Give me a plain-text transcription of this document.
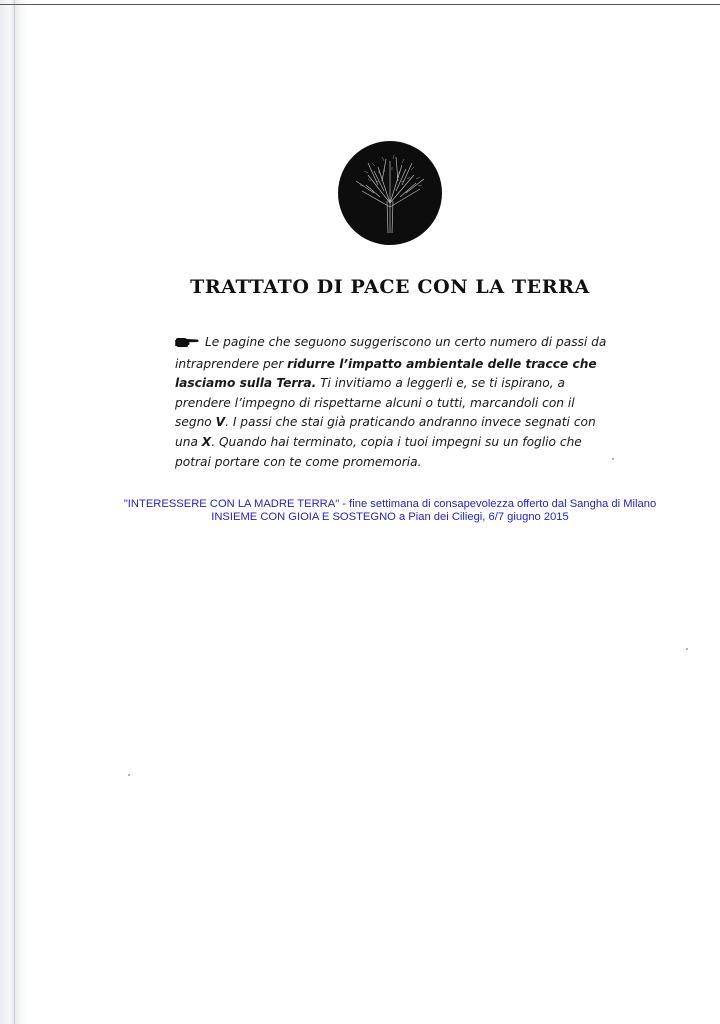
TRATTATO DI PACE CON LA TERRA

Le pagine che seguono suggeriscono un certo numero di passi da intraprendere per ridurre l’impatto ambientale delle tracce che lasciamo sulla Terra. Ti invitiamo a leggerli e, se ti ispirano, a prendere l’impegno di rispettarne alcuni o tutti, marcandoli con il segno V. I passi che stai già praticando andranno invece segnati con una X. Quando hai terminato, copia i tuoi impegni su un foglio che potrai portare con te come promemoria.

"INTERESSERE CON LA MADRE TERRA" - fine settimana di consapevolezza offerto dal Sangha di Milano
INSIEME CON GIOIA E SOSTEGNO a Pian dei Ciliegi, 6/7 giugno 2015
